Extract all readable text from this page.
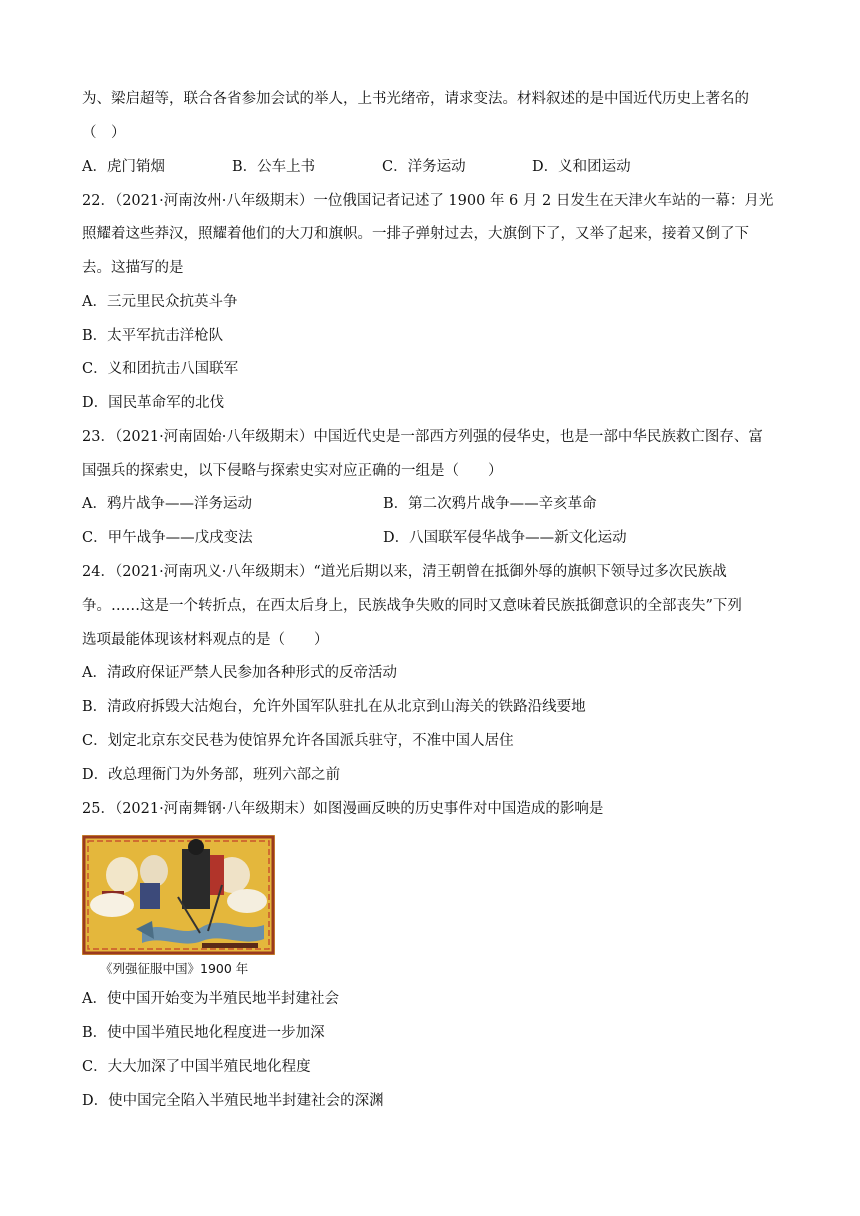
为、梁启超等，联合各省参加会试的举人，上书光绪帝，请求变法。材料叙述的是中国近代历史上著名的
（　）
A．虎门销烟	B．公车上书	C．洋务运动	D．义和团运动
22．（2021·河南汝州·八年级期末）一位俄国记者记述了 1900 年 6 月 2 日发生在天津火车站的一幕：月光
照耀着这些莽汉，照耀着他们的大刀和旗帜。一排子弹射过去，大旗倒下了，又举了起来，接着又倒了下
去。这描写的是
A．三元里民众抗英斗争
B．太平军抗击洋枪队
C．义和团抗击八国联军
D．国民革命军的北伐
23．（2021·河南固始·八年级期末）中国近代史是一部西方列强的侵华史，也是一部中华民族救亡图存、富
国强兵的探索史，以下侵略与探索史实对应正确的一组是（　　）
A．鸦片战争——洋务运动	B．第二次鸦片战争——辛亥革命
C．甲午战争——戊戌变法	D．八国联军侵华战争——新文化运动
24．（2021·河南巩义·八年级期末）“道光后期以来，清王朝曾在抵御外辱的旗帜下领导过多次民族战
争。……这是一个转折点，在西太后身上，民族战争失败的同时又意味着民族抵御意识的全部丧失”下列
选项最能体现该材料观点的是（　　）
A．清政府保证严禁人民参加各种形式的反帝活动
B．清政府拆毁大沽炮台，允许外国军队驻扎在从北京到山海关的铁路沿线要地
C．划定北京东交民巷为使馆界允许各国派兵驻守，不准中国人居住
D．改总理衙门为外务部，班列六部之前
25．（2021·河南舞钢·八年级期末）如图漫画反映的历史事件对中国造成的影响是
《列强征服中国》1900 年
A．使中国开始变为半殖民地半封建社会
B．使中国半殖民地化程度进一步加深
C．大大加深了中国半殖民地化程度
D．使中国完全陷入半殖民地半封建社会的深渊
